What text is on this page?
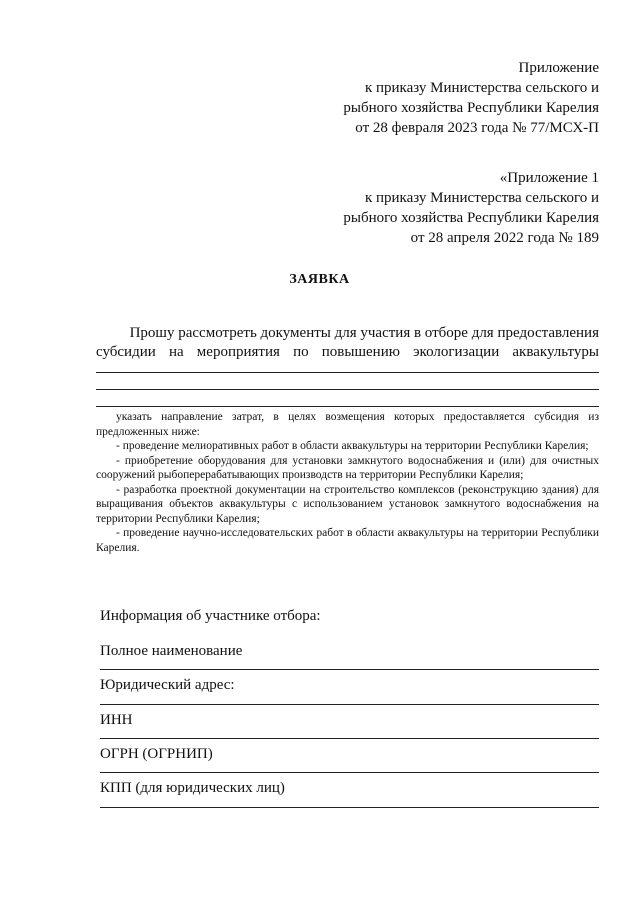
Приложение
к приказу Министерства сельского и
рыбного хозяйства Республики Карелия
от 28 февраля 2023 года № 77/МСХ-П
«Приложение 1
к приказу Министерства сельского и
рыбного хозяйства Республики Карелия
от 28 апреля 2022 года № 189
ЗАЯВКА
Прошу рассмотреть документы для участия в отборе для предоставления
субсидии на мероприятия по повышению экологизации аквакультуры

указать направление затрат, в целях возмещения которых предоставляется субсидия из предложенных ниже:

- проведение мелиоративных работ в области аквакультуры на территории Республики Карелия;

- приобретение оборудования для установки замкнутого водоснабжения и (или) для очистных сооружений рыбоперерабатывающих производств на территории Республики Карелия;

- разработка проектной документации на строительство комплексов (реконструкцию здания) для выращивания объектов аквакультуры с использованием установок замкнутого водоснабжения на территории Республики Карелия;

- проведение научно-исследовательских работ в области аквакультуры на территории Республики Карелия.

Информация об участнике отбора:
Полное наименование
Юридический адрес:
ИНН
ОГРН (ОГРНИП)
КПП (для юридических лиц)
